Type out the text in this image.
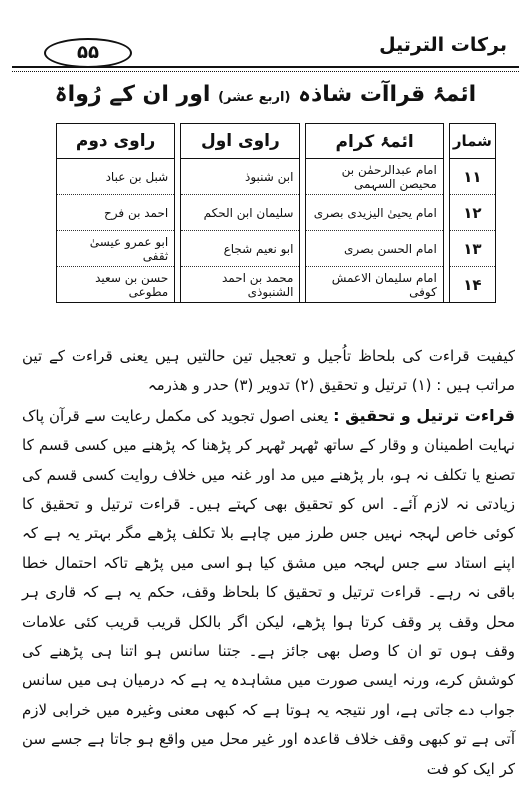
برکات الترتیل
۵۵
ائمۂ قراآت شاذہ (اربع عشر) اور ان کے رُواۃ
شمار		ائمۂ کرام		راوی اول		راوی دوم
۱۱		امام عبدالرحمٰن بن محیصن السہمی		ابن شنبوذ		شبل بن عباد
۱۲		امام یحییٰ الیزیدی بصری		سلیمان ابن الحکم		احمد بن فرح
۱۳		امام الحسن بصری		ابو نعیم شجاع		ابو عمرو عیسیٰ ثقفی
۱۴		امام سلیمان الاعمش کوفی		محمد بن احمد الشنبوذی		حسن بن سعید مطوعی

کیفیت قراءت کی بلحاظ تاُجیل و تعجیل تین حالتیں ہیں یعنی قراءت کے تین مراتب ہیں : (۱) ترتیل و تحقیق (۲) تدویر (۳) حدر و ھذرمہ

قراءت ترتیل و تحقیق : یعنی اصول تجوید کی مکمل رعایت سے قرآن پاک نہایت اطمینان و وقار کے ساتھ ٹھہر ٹھہر کر پڑھنا کہ پڑھنے میں کسی قسم کا تصنع یا تکلف نہ ہو، بار پڑھنے میں مد اور غنہ میں خلاف روایت کسی قسم کی زیادتی نہ لازم آئے۔ اس کو تحقیق بھی کہتے ہیں۔ قراءت ترتیل و تحقیق کا کوئی خاص لہجہ نہیں جس طرز میں چاہے بلا تکلف پڑھے مگر بہتر یہ ہے کہ اپنے استاد سے جس لہجہ میں مشق کیا ہو اسی میں پڑھے تاکہ احتمال خطا باقی نہ رہے۔ قراءت ترتیل و تحقیق کا بلحاظ وقف، حکم یہ ہے کہ قاری ہر محل وقف پر وقف کرتا ہوا پڑھے، لیکن اگر بالکل قریب قریب کئی علامات وقف ہوں تو ان کا وصل بھی جائز ہے۔ جتنا سانس ہو اتنا ہی پڑھنے کی کوشش کرے، ورنہ ایسی صورت میں مشاہدہ یہ ہے کہ درمیان ہی میں سانس جواب دے جاتی ہے، اور نتیجہ یہ ہوتا ہے کہ کبھی معنی وغیرہ میں خرابی لازم آتی ہے تو کبھی وقف خلاف قاعدہ اور غیر محل میں واقع ہو جاتا ہے جسے سن کر ایک کو فت
